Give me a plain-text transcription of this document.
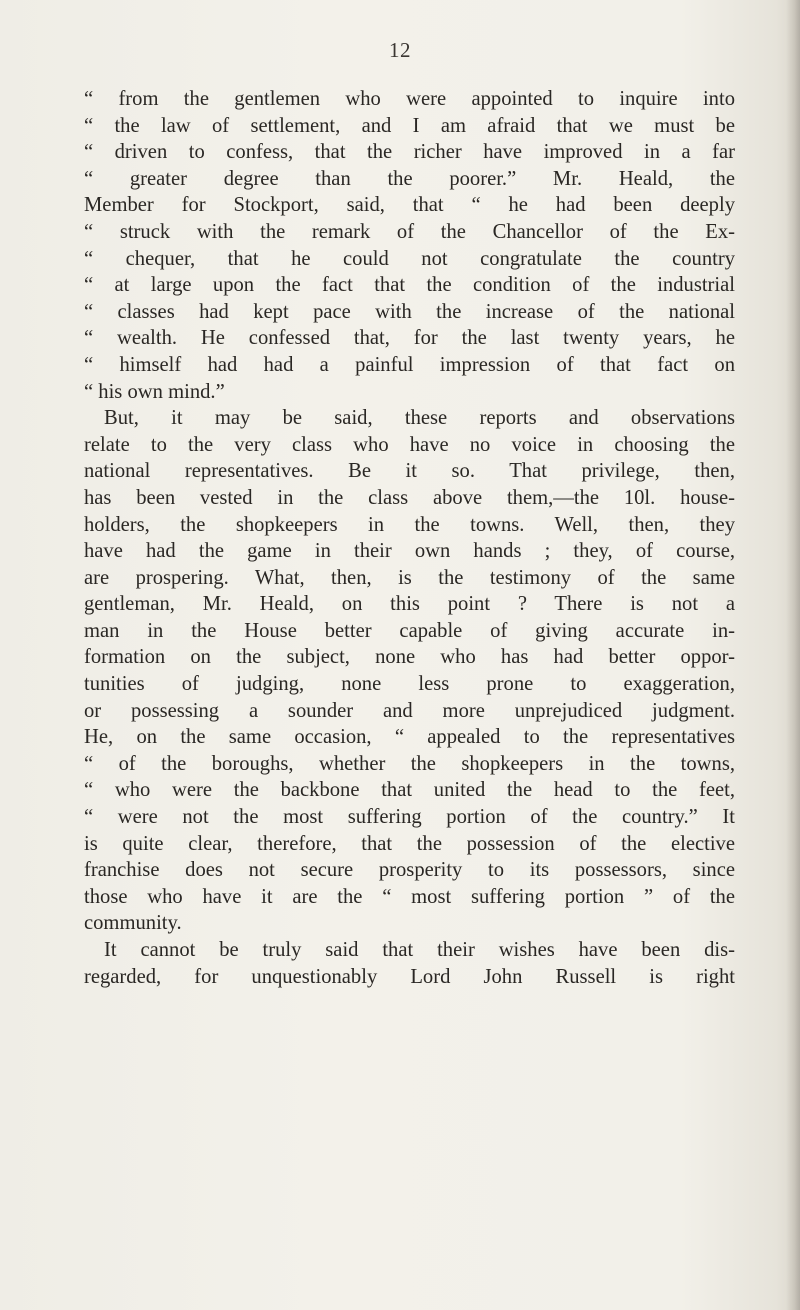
12
“ from the gentlemen who were appointed to inquire into
“ the law of settlement, and I am afraid that we must be
“ driven to confess, that the richer have improved in a far
“ greater degree than the poorer.” Mr. Heald, the
Member for Stockport, said, that “ he had been deeply
“ struck with the remark of the Chancellor of the Ex-
“ chequer, that he could not congratulate the country
“ at large upon the fact that the condition of the industrial
“ classes had kept pace with the increase of the national
“ wealth. He confessed that, for the last twenty years, he
“ himself had had a painful impression of that fact on
“ his own mind.”
But, it may be said, these reports and observations
relate to the very class who have no voice in choosing the
national representatives. Be it so. That privilege, then,
has been vested in the class above them,—the 10l. house-
holders, the shopkeepers in the towns. Well, then, they
have had the game in their own hands ; they, of course,
are prospering. What, then, is the testimony of the same
gentleman, Mr. Heald, on this point ? There is not a
man in the House better capable of giving accurate in-
formation on the subject, none who has had better oppor-
tunities of judging, none less prone to exaggeration,
or possessing a sounder and more unprejudiced judgment.
He, on the same occasion, “ appealed to the representatives
“ of the boroughs, whether the shopkeepers in the towns,
“ who were the backbone that united the head to the feet,
“ were not the most suffering portion of the country.” It
is quite clear, therefore, that the possession of the elective
franchise does not secure prosperity to its possessors, since
those who have it are the “ most suffering portion ” of the
community.
It cannot be truly said that their wishes have been dis-
regarded, for unquestionably Lord John Russell is right
